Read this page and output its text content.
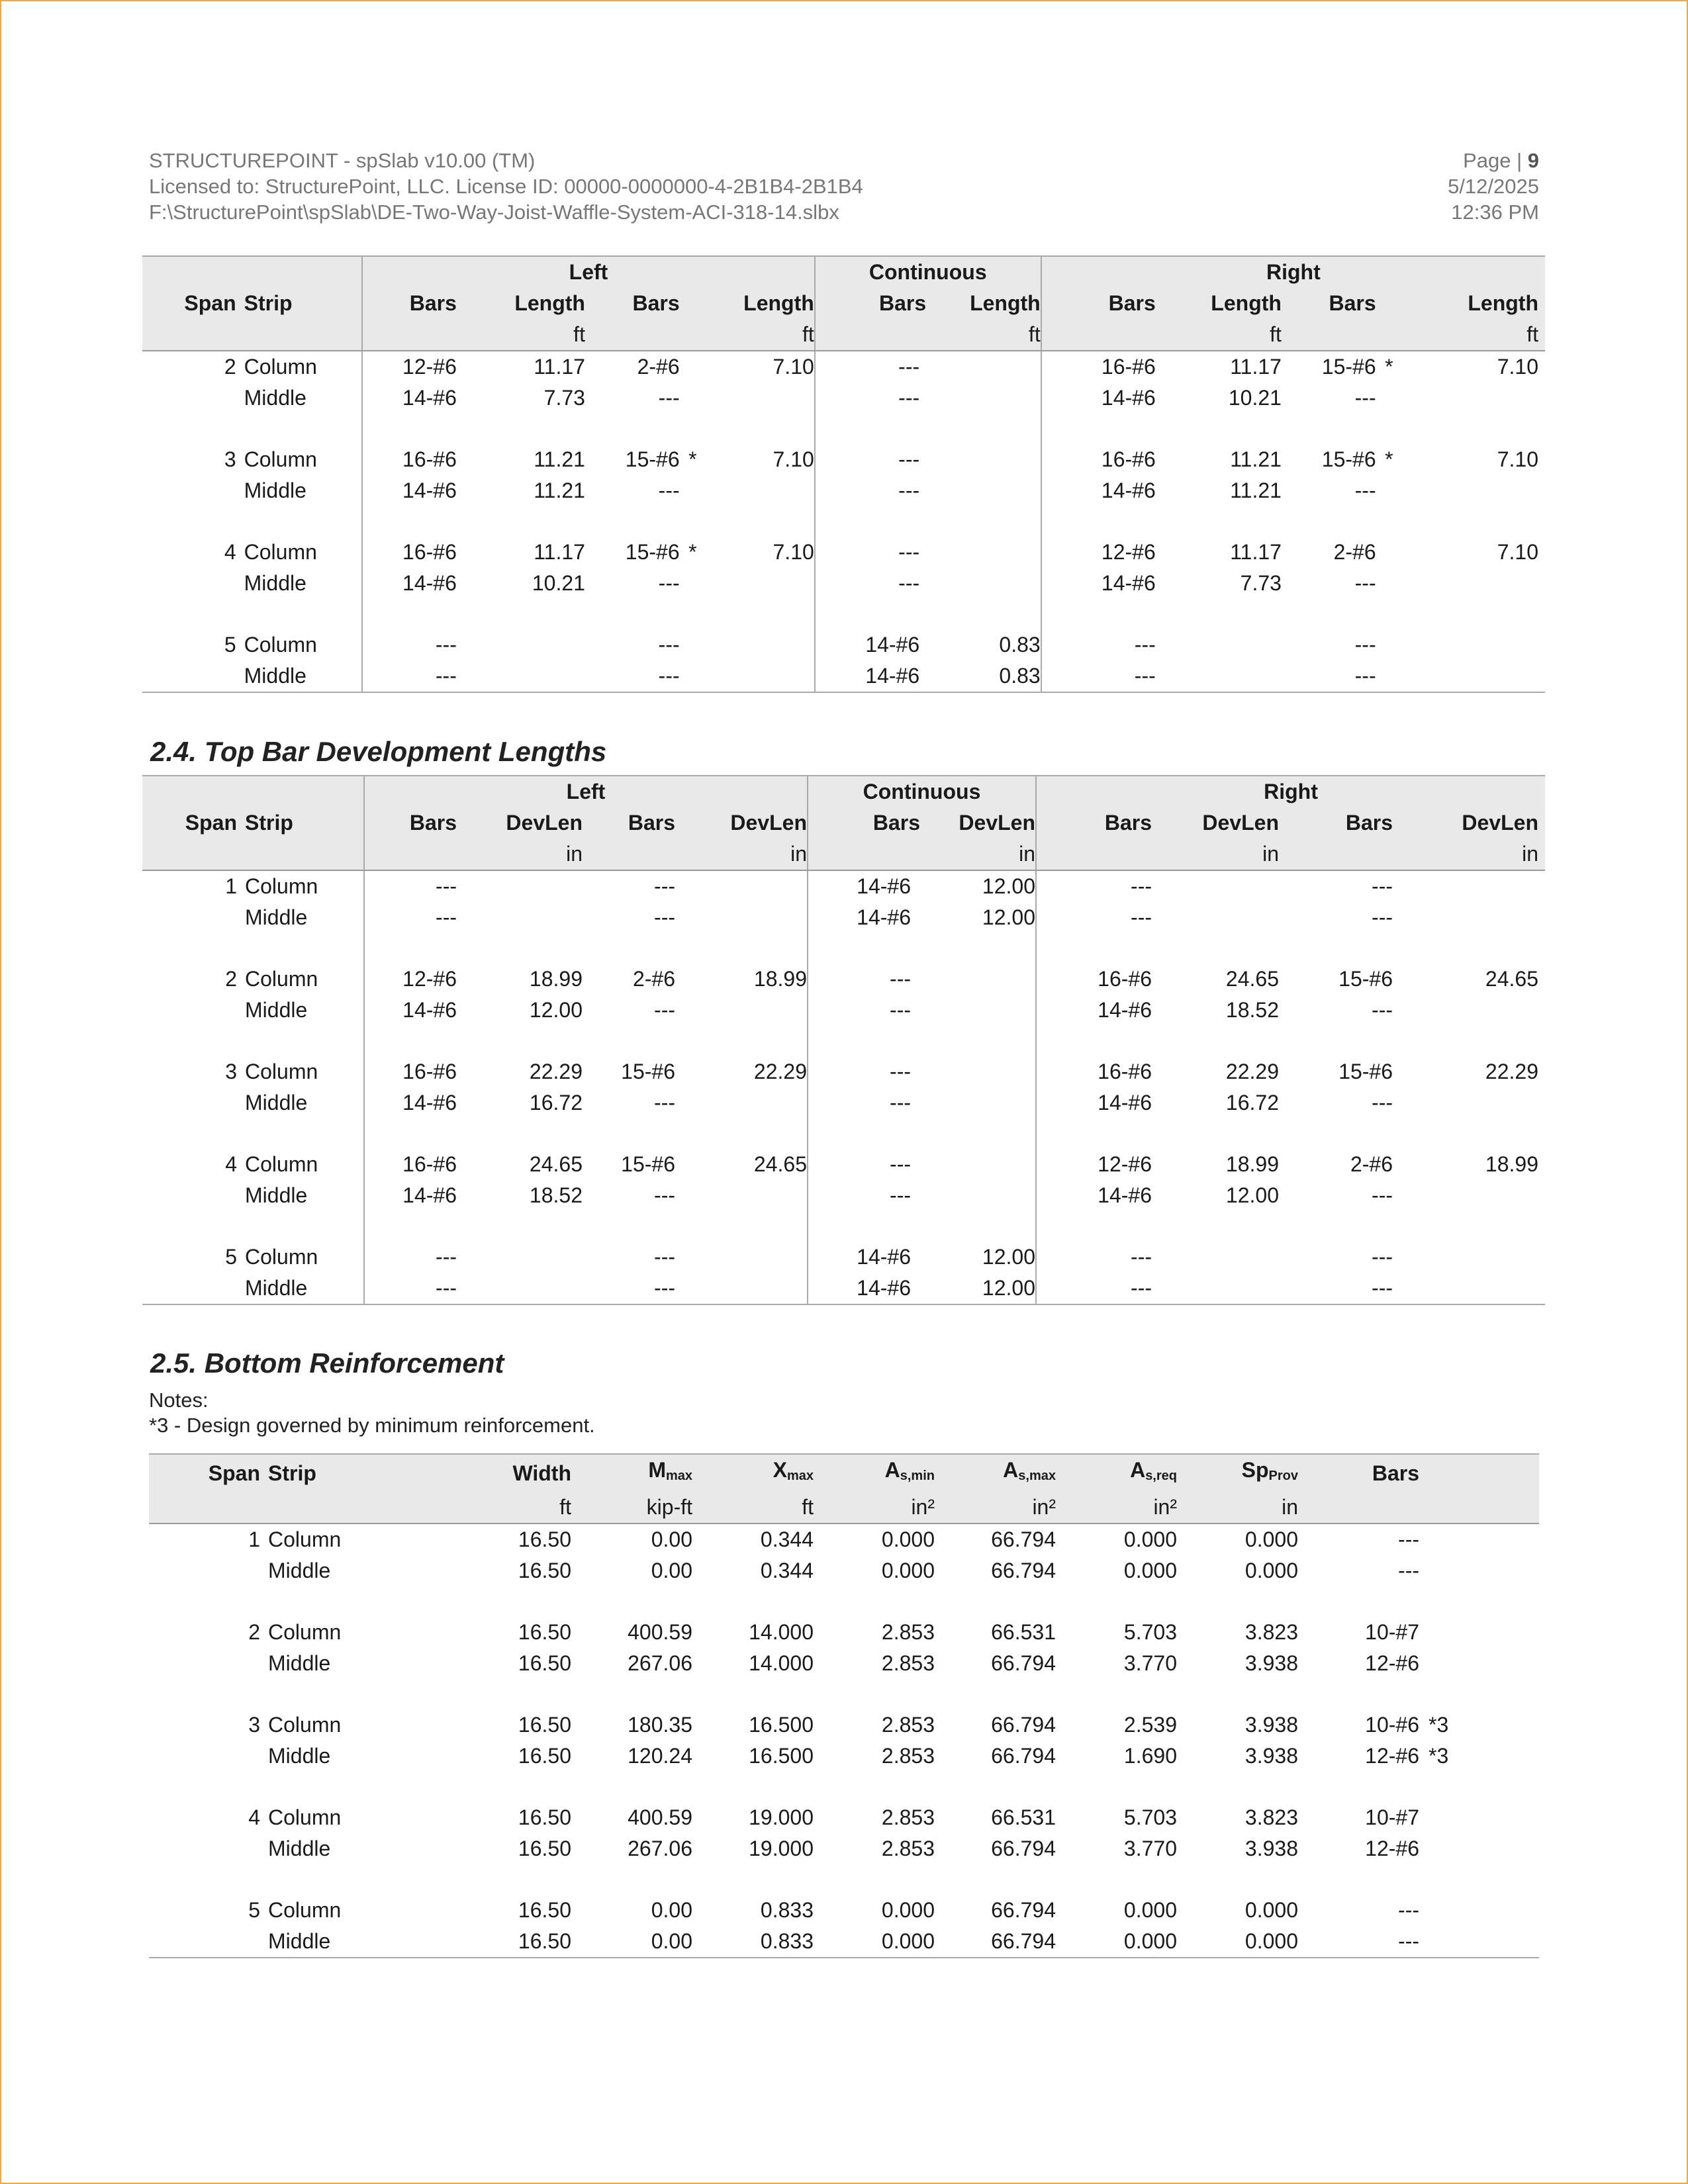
STRUCTUREPOINT - spSlab v10.00 (TM)
Licensed to: StructurePoint, LLC. License ID: 00000-0000000-4-2B1B4-2B1B4
F:\StructurePoint\spSlab\DE-Two-Way-Joist-Waffle-System-ACI-318-14.slbx
Page | 9
5/12/2025
12:36 PM
		Left					Continuous		Right				
Span	Strip	Bars	Length	Bars		Length	Bars	Length	Bars	Length	Bars		Length
			ft			ft		ft		ft			ft
2	Column	12-#6	11.17	2-#6		7.10	---		16-#6	11.17	15-#6	*	7.10
	Middle	14-#6	7.73	---			---		14-#6	10.21	---		

3	Column	16-#6	11.21	15-#6	*	7.10	---		16-#6	11.21	15-#6	*	7.10
	Middle	14-#6	11.21	---			---		14-#6	11.21	---		

4	Column	16-#6	11.17	15-#6	*	7.10	---		12-#6	11.17	2-#6		7.10
	Middle	14-#6	10.21	---			---		14-#6	7.73	---		

5	Column	---		---			14-#6	0.83	---		---		
	Middle	---		---			14-#6	0.83	---		---		
2.4. Top Bar Development Lengths
		Left				Continuous		Right			
Span	Strip	Bars	DevLen	Bars	DevLen	Bars	DevLen	Bars	DevLen	Bars	DevLen
			in		in		in		in		in
1	Column	---		---		14-#6	12.00	---		---	
	Middle	---		---		14-#6	12.00	---		---	

2	Column	12-#6	18.99	2-#6	18.99	---		16-#6	24.65	15-#6	24.65
	Middle	14-#6	12.00	---		---		14-#6	18.52	---	

3	Column	16-#6	22.29	15-#6	22.29	---		16-#6	22.29	15-#6	22.29
	Middle	14-#6	16.72	---		---		14-#6	16.72	---	

4	Column	16-#6	24.65	15-#6	24.65	---		12-#6	18.99	2-#6	18.99
	Middle	14-#6	18.52	---		---		14-#6	12.00	---	

5	Column	---		---		14-#6	12.00	---		---	
	Middle	---		---		14-#6	12.00	---		---	
2.5. Bottom Reinforcement
Notes:
*3 - Design governed by minimum reinforcement.
Span	Strip	Width	$M_{max}$	$X_{max}$	$A_{s,min}$	$A_{s,max}$	$A_{s,req}$	$Sp_{Prov}$	Bars	
		ft	kip-ft	ft	in²	in²	in²	in		
1	Column	16.50	0.00	0.344	0.000	66.794	0.000	0.000	---	
	Middle	16.50	0.00	0.344	0.000	66.794	0.000	0.000	---	

2	Column	16.50	400.59	14.000	2.853	66.531	5.703	3.823	10-#7	
	Middle	16.50	267.06	14.000	2.853	66.794	3.770	3.938	12-#6	

3	Column	16.50	180.35	16.500	2.853	66.794	2.539	3.938	10-#6	*3
	Middle	16.50	120.24	16.500	2.853	66.794	1.690	3.938	12-#6	*3

4	Column	16.50	400.59	19.000	2.853	66.531	5.703	3.823	10-#7	
	Middle	16.50	267.06	19.000	2.853	66.794	3.770	3.938	12-#6	

5	Column	16.50	0.00	0.833	0.000	66.794	0.000	0.000	---	
	Middle	16.50	0.00	0.833	0.000	66.794	0.000	0.000	---	
